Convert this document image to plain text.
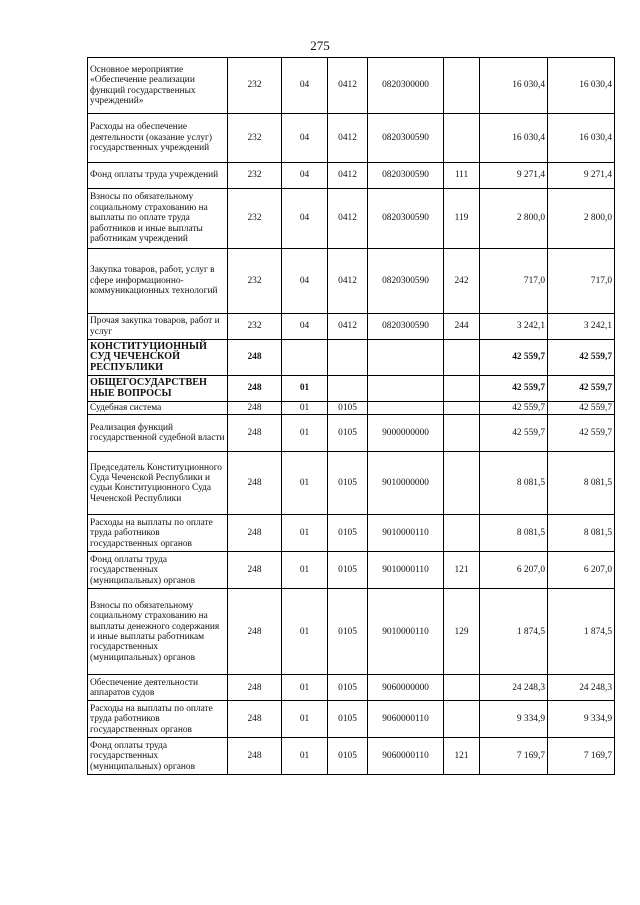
275
Основное мероприятие «Обеспечение реализации функций государственных учреждений»	232	04	0412	0820300000		16 030,4	16 030,4
Расходы на обеспечение деятельности (оказание услуг) государственных учреждений	232	04	0412	0820300590		16 030,4	16 030,4
Фонд оплаты труда учреждений	232	04	0412	0820300590	111	9 271,4	9 271,4
Взносы по обязательному социальному страхованию на выплаты по оплате труда работников и иные выплаты работникам учреждений	232	04	0412	0820300590	119	2 800,0	2 800,0
Закупка товаров, работ, услуг в сфере информационно-коммуникационных технологий	232	04	0412	0820300590	242	717,0	717,0
Прочая закупка товаров, работ и услуг	232	04	0412	0820300590	244	3 242,1	3 242,1
КОНСТИТУЦИОННЫЙ СУД ЧЕЧЕНСКОЙ РЕСПУБЛИКИ	248					42 559,7	42 559,7
ОБЩЕГОСУДАРСТВЕН НЫЕ ВОПРОСЫ	248	01				42 559,7	42 559,7
Судебная система	248	01	0105			42 559,7	42 559,7
Реализация функций государственной судебной власти	248	01	0105	9000000000		42 559,7	42 559,7
Председатель Конституционного Суда Чеченской Республики и судьи Конституционного Суда Чеченской Республики	248	01	0105	9010000000		8 081,5	8 081,5
Расходы на выплаты по оплате труда работников государственных органов	248	01	0105	9010000110		8 081,5	8 081,5
Фонд оплаты труда государственных (муниципальных) органов	248	01	0105	9010000110	121	6 207,0	6 207,0
Взносы по обязательному социальному страхованию на выплаты денежного содержания и иные выплаты работникам государственных (муниципальных) органов	248	01	0105	9010000110	129	1 874,5	1 874,5
Обеспечение деятельности аппаратов судов	248	01	0105	9060000000		24 248,3	24 248,3
Расходы на выплаты по оплате труда работников государственных органов	248	01	0105	9060000110		9 334,9	9 334,9
Фонд оплаты труда государственных (муниципальных) органов	248	01	0105	9060000110	121	7 169,7	7 169,7
